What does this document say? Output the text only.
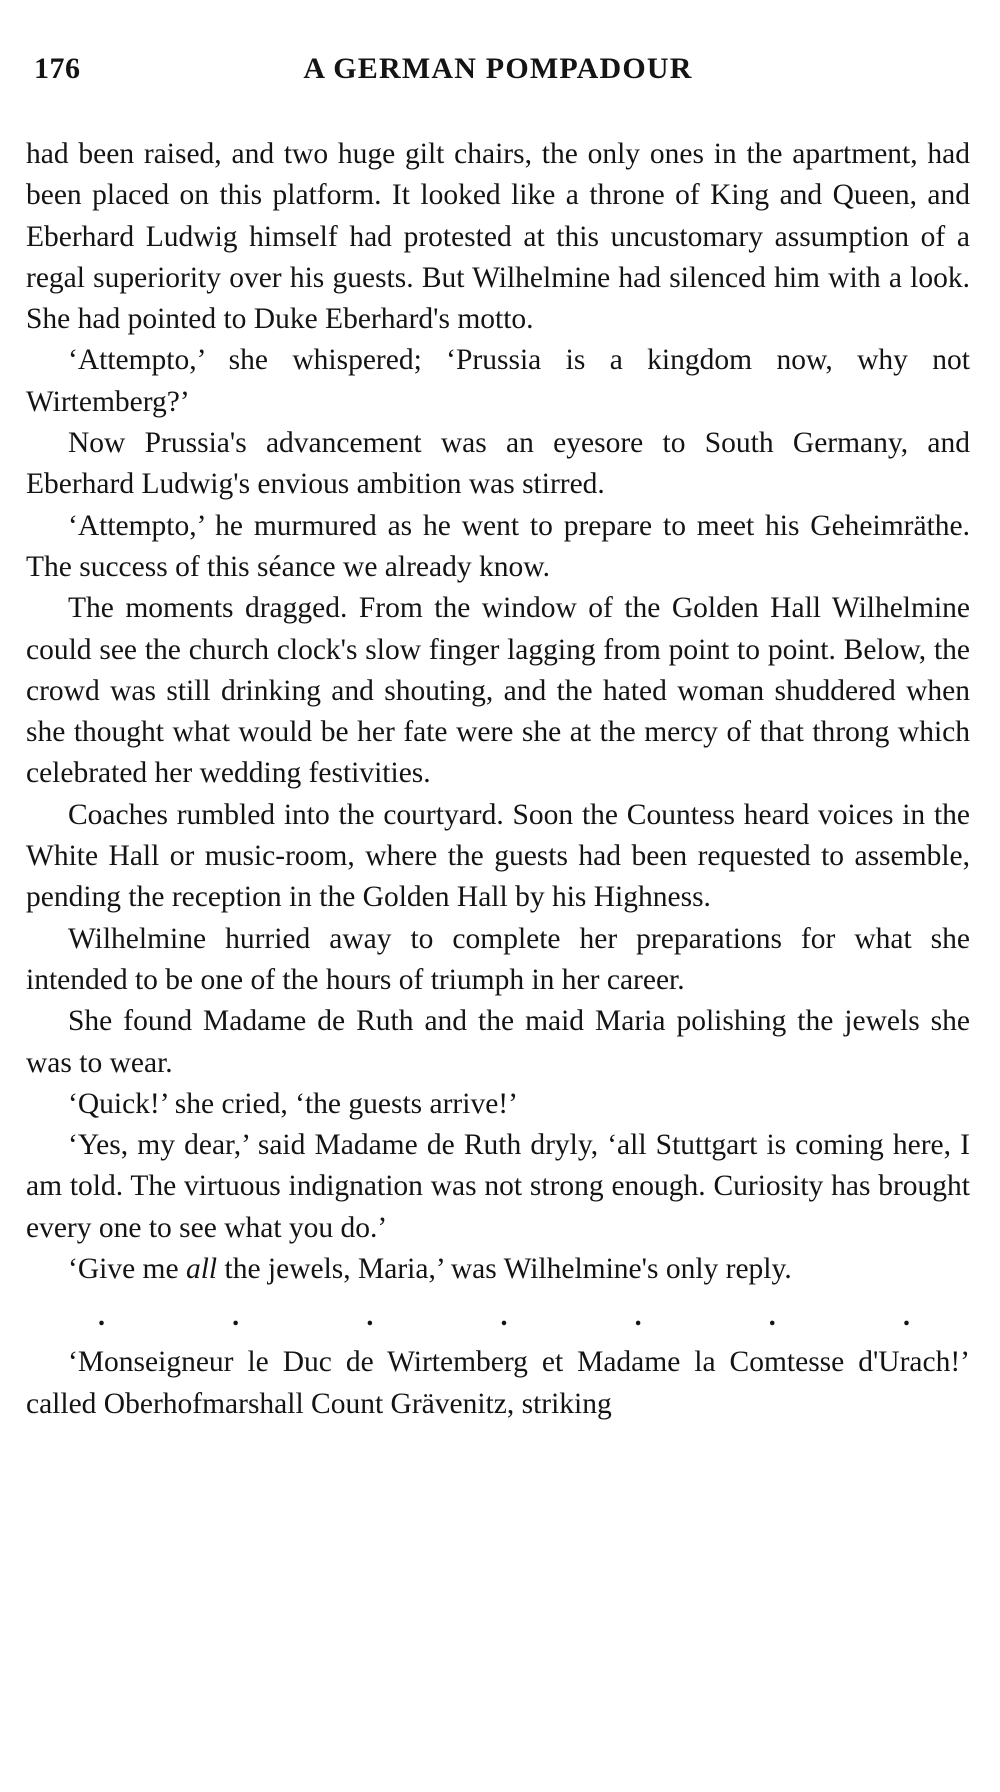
176	A GERMAN POMPADOUR

had been raised, and two huge gilt chairs, the only ones in the apartment, had been placed on this platform. It looked like a throne of King and Queen, and Eberhard Ludwig himself had protested at this uncustomary assumption of a regal superiority over his guests. But Wilhelmine had silenced him with a look. She had pointed to Duke Eberhard's motto.

‘Attempto,’ she whispered; ‘Prussia is a kingdom now, why not Wirtemberg?’

Now Prussia's advancement was an eyesore to South Germany, and Eberhard Ludwig's envious ambition was stirred.

‘Attempto,’ he murmured as he went to prepare to meet his Geheimräthe. The success of this séance we already know.

The moments dragged. From the window of the Golden Hall Wilhelmine could see the church clock's slow finger lagging from point to point. Below, the crowd was still drinking and shouting, and the hated woman shuddered when she thought what would be her fate were she at the mercy of that throng which celebrated her wedding festivities.

Coaches rumbled into the courtyard. Soon the Countess heard voices in the White Hall or music-room, where the guests had been requested to assemble, pending the reception in the Golden Hall by his Highness.

Wilhelmine hurried away to complete her preparations for what she intended to be one of the hours of triumph in her career.

She found Madame de Ruth and the maid Maria polishing the jewels she was to wear.

‘Quick!’ she cried, ‘the guests arrive!’

‘Yes, my dear,’ said Madame de Ruth dryly, ‘all Stuttgart is coming here, I am told. The virtuous indignation was not strong enough. Curiosity has brought every one to see what you do.’

‘Give me all the jewels, Maria,’ was Wilhelmine's only reply.

.	.	.	.	.	.	.

‘Monseigneur le Duc de Wirtemberg et Madame la Comtesse d'Urach!’ called Oberhofmarshall Count Grävenitz, striking
